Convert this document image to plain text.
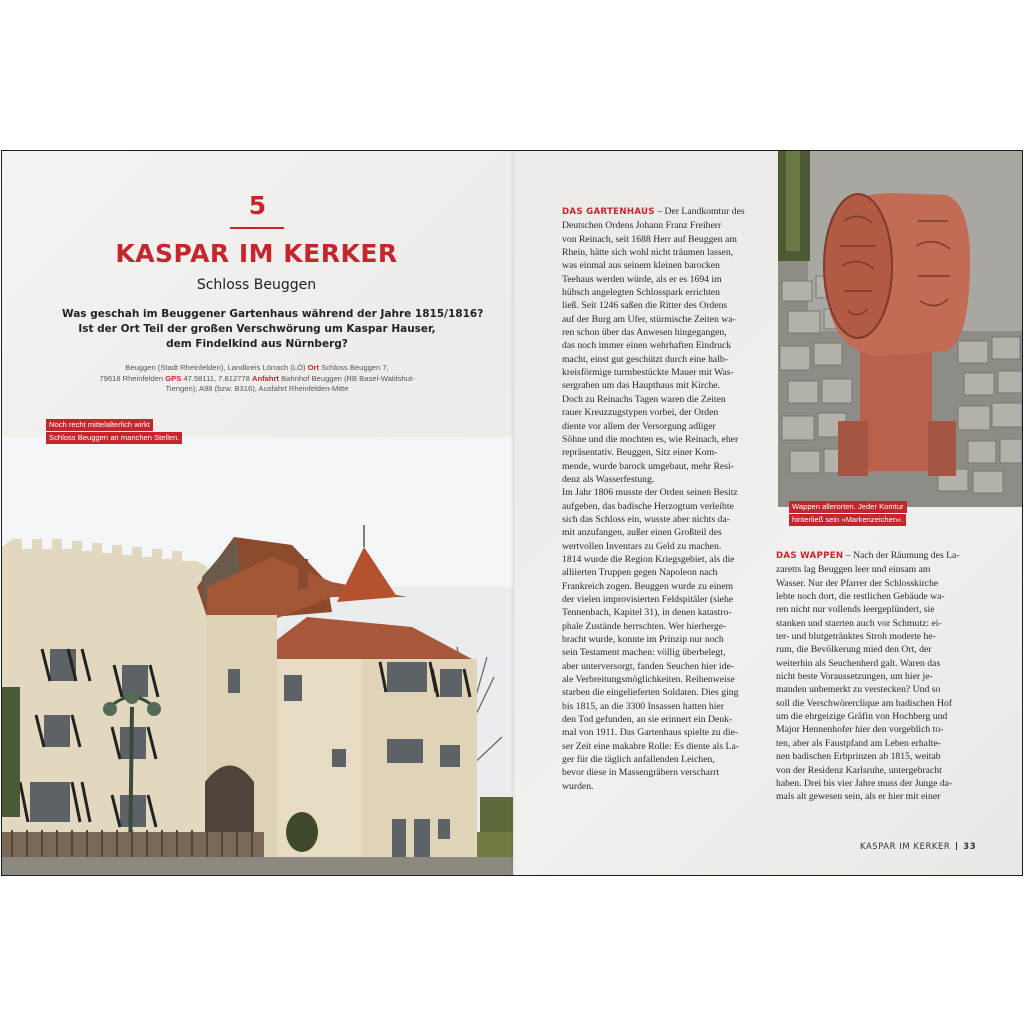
5
KASPAR IM KERKER
Schloss Beuggen
Was geschah im Beuggener Gartenhaus während der Jahre 1815/1816?
Ist der Ort Teil der großen Verschwörung um Kaspar Hauser,
dem Findelkind aus Nürnberg?
Beuggen (Stadt Rheinfelden), Landkreis Lörrach (LÖ) Ort Schloss Beuggen 7,
79618 Rheinfelden GPS 47.58111, 7.812778 Anfahrt Bahnhof Beuggen (RB Basel-Waldshut-
Tiengen); A98 (bzw. B316), Ausfahrt Rheinfelden-Mitte
Noch recht mittelalterlich wirkt
Schloss Beuggen an manchen Stellen.
Wappen allerorten. Jeder Komtur
hinterließ sein »Markenzeichen«.
DAS GARTENHAUS – Der Landkomtur des
Deutschen Ordens Johann Franz Freiherr
von Reinach, seit 1688 Herr auf Beuggen am
Rhein, hätte sich wohl nicht träumen lassen,
was einmal aus seinem kleinen barocken
Teehaus werden würde, als er es 1694 im
hübsch angelegten Schlosspark errichten
ließ. Seit 1246 saßen die Ritter des Ordens
auf der Burg am Ufer, stürmische Zeiten wa-
ren schon über das Anwesen hingegangen,
das noch immer einen wehrhaften Eindruck
macht, einst gut geschützt durch eine halb-
kreisförmige turmbestückte Mauer mit Was-
sergraben um das Haupthaus mit Kirche.
Doch zu Reinachs Tagen waren die Zeiten
rauer Kreuzzugstypen vorbei, der Orden
diente vor allem der Versorgung adliger
Söhne und die mochten es, wie Reinach, eher
repräsentativ. Beuggen, Sitz einer Kom-
mende, wurde barock umgebaut, mehr Resi-
denz als Wasserfestung.
Im Jahr 1806 musste der Orden seinen Besitz
aufgeben, das badische Herzogtum verleibte
sich das Schloss ein, wusste aber nichts da-
mit anzufangen, außer einen Großteil des
wertvollen Inventars zu Geld zu machen.
1814 wurde die Region Kriegsgebiet, als die
alliierten Truppen gegen Napoleon nach
Frankreich zogen. Beuggen wurde zu einem
der vielen improvisierten Feldspitäler (siehe
Tennenbach, Kapitel 31), in denen katastro-
phale Zustände herrschten. Wer hierherge-
bracht wurde, konnte im Prinzip nur noch
sein Testament machen: völlig überbelegt,
aber unterversorgt, fanden Seuchen hier ide-
ale Verbreitungsmöglichkeiten. Reihenweise
starben die eingelieferten Soldaten. Dies ging
bis 1815, an die 3300 Insassen hatten hier
den Tod gefunden, an sie erinnert ein Denk-
mal von 1911. Das Gartenhaus spielte zu die-
ser Zeit eine makabre Rolle: Es diente als La-
ger für die täglich anfallenden Leichen,
bevor diese in Massengräbern verscharrt
wurden.
DAS WAPPEN – Nach der Räumung des La-
zaretts lag Beuggen leer und einsam am
Wasser. Nur der Pfarrer der Schlosskirche
lebte noch dort, die restlichen Gebäude wa-
ren nicht nur vollends leergeplündert, sie
stanken und starrten auch vor Schmutz: ei-
ter- und blutgetränktes Stroh moderte he-
rum, die Bevölkerung mied den Ort, der
weiterhin als Seuchenherd galt. Waren das
nicht beste Voraussetzungen, um hier je-
manden unbemerkt zu verstecken? Und so
soll die Verschwörerclique am badischen Hof
um die ehrgeizige Gräfin von Hochberg und
Major Hennenhofer hier den vorgeblich to-
ten, aber als Faustpfand am Leben erhalte-
nen badischen Erbprinzen ab 1815, weitab
von der Residenz Karlsruhe, untergebracht
haben. Drei bis vier Jahre muss der Junge da-
mals alt gewesen sein, als er hier mit einer
KASPAR IM KERKER 33
